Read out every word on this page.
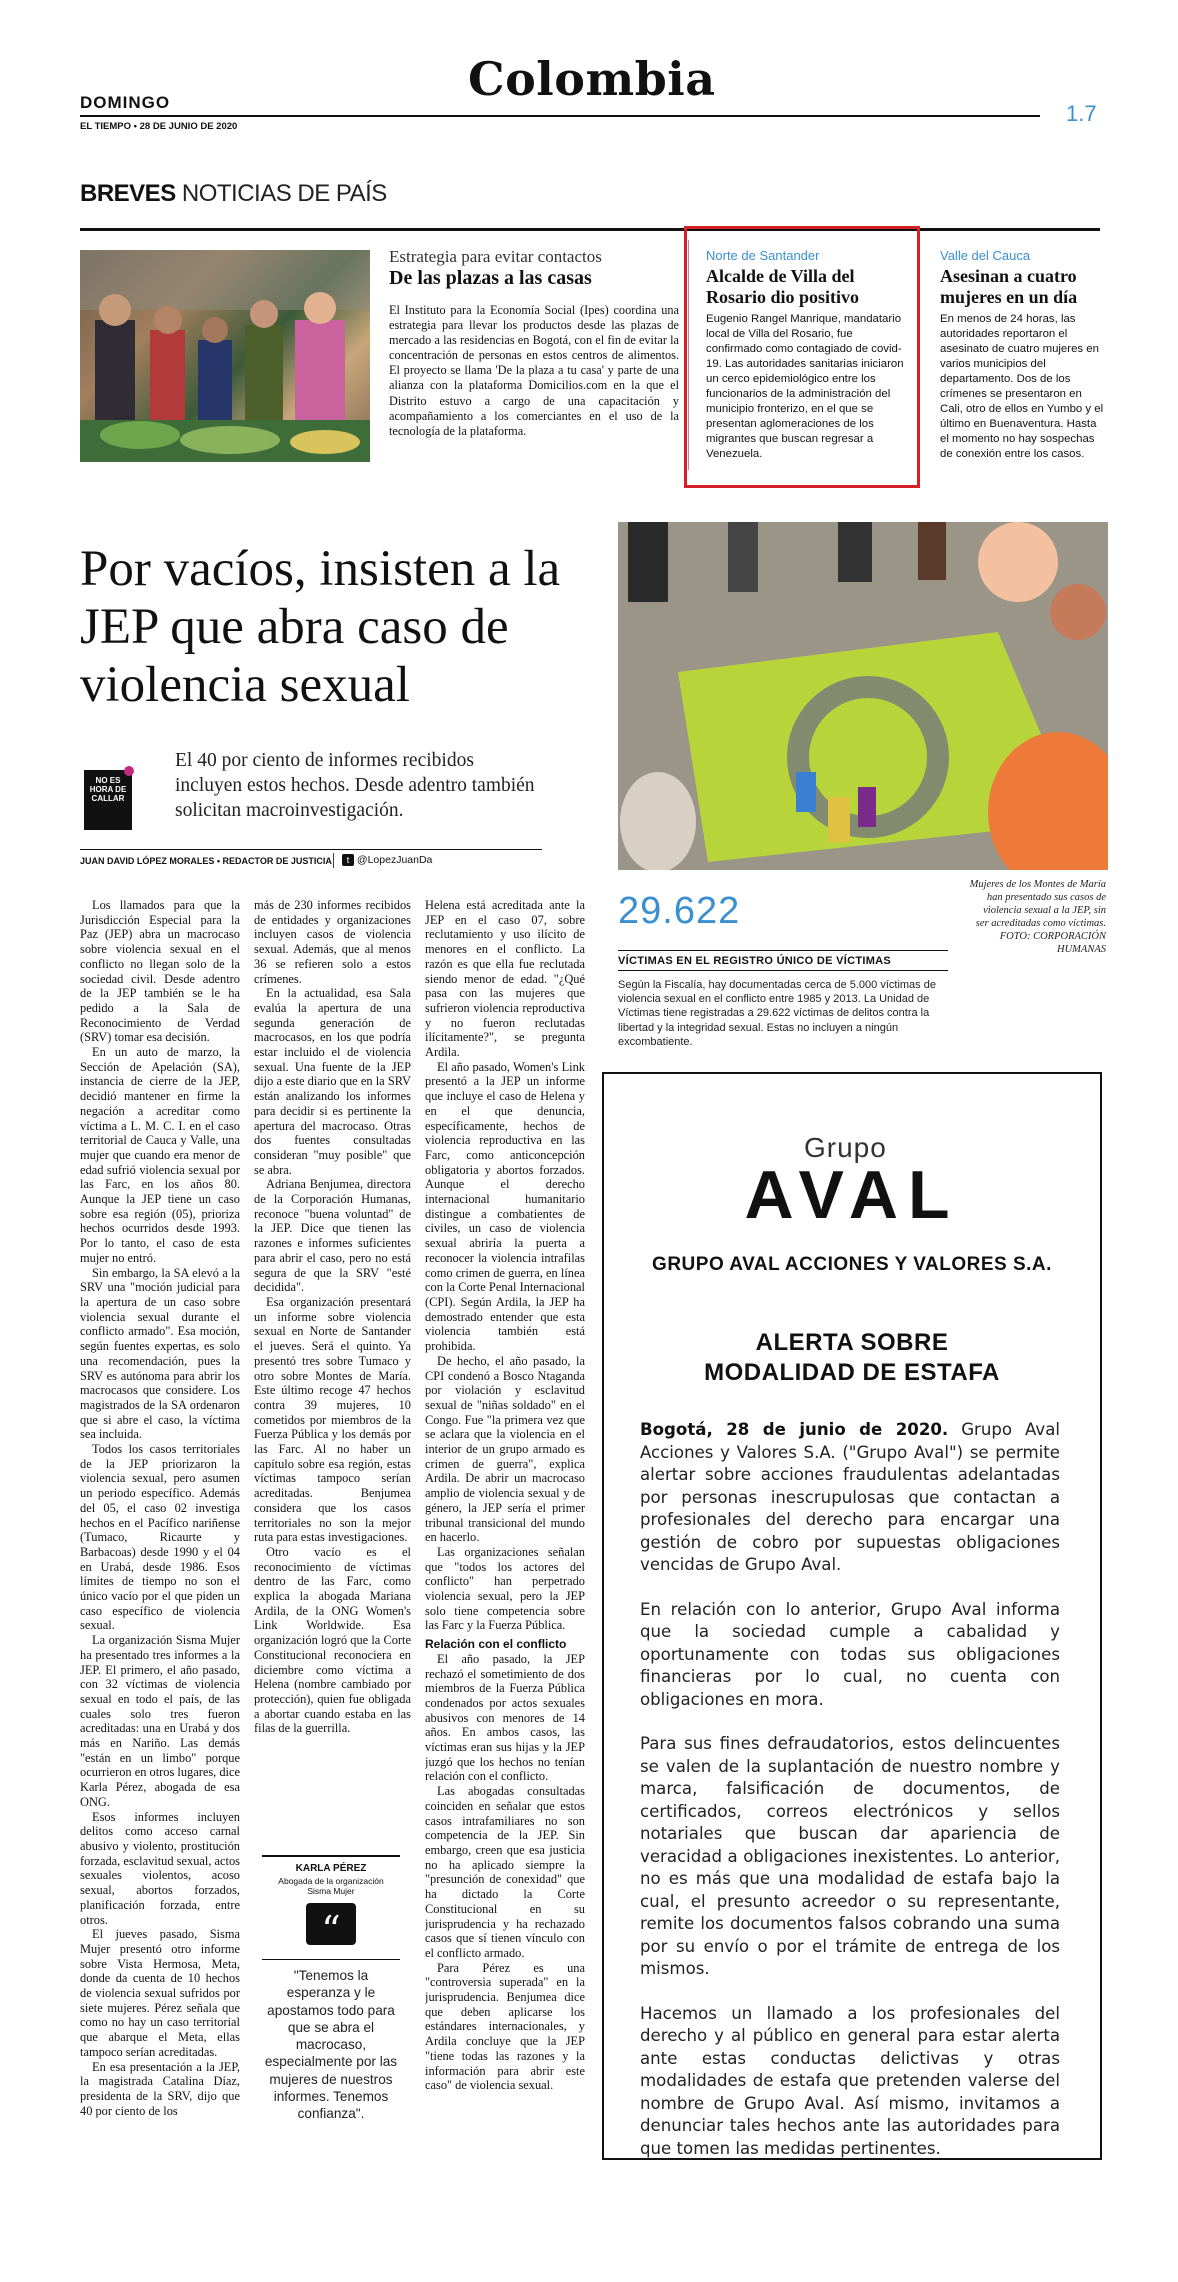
Colombia
DOMINGO
EL TIEMPO • 28 DE JUNIO DE 2020
1.7
BREVES NOTICIAS DE PAÍS
Estrategia para evitar contactos
De las plazas a las casas
El Instituto para la Economía Social (Ipes) coordina una estrategia para llevar los productos desde las plazas de mercado a las residencias en Bogotá, con el fin de evitar la concentración de personas en estos centros de alimentos. El proyecto se llama 'De la plaza a tu casa' y parte de una alianza con la plataforma Domicilios.com en la que el Distrito estuvo a cargo de una capacitación y acompañamiento a los comerciantes en el uso de la tecnología de la plataforma.
Norte de Santander
Alcalde de Villa del Rosario dio positivo
Eugenio Rangel Manrique, mandatario local de Villa del Rosario, fue confirmado como contagiado de covid-19. Las autoridades sanitarias iniciaron un cerco epidemiológico entre los funcionarios de la administración del municipio fronterizo, en el que se presentan aglomeraciones de los migrantes que buscan regresar a Venezuela.
Valle del Cauca
Asesinan a cuatro mujeres en un día
En menos de 24 horas, las autoridades reportaron el asesinato de cuatro mujeres en varios municipios del departamento. Dos de los crímenes se presentaron en Cali, otro de ellos en Yumbo y el último en Buenaventura. Hasta el momento no hay sospechas de conexión entre los casos.
Por vacíos, insisten a la JEP que abra caso de violencia sexual
NO ES HORA DE CALLAR
El 40 por ciento de informes recibidos incluyen estos hechos. Desde adentro también solicitan macroinvestigación.
JUAN DAVID LÓPEZ MORALES • REDACTOR DE JUSTICIA	t @LopezJuanDa

Los llamados para que la Jurisdicción Especial para la Paz (JEP) abra un macrocaso sobre violencia sexual en el conflicto no llegan solo de la sociedad civil. Desde adentro de la JEP también se le ha pedido a la Sala de Reconocimiento de Verdad (SRV) tomar esa decisión.

En un auto de marzo, la Sección de Apelación (SA), instancia de cierre de la JEP, decidió mantener en firme la negación a acreditar como víctima a L. M. C. I. en el caso territorial de Cauca y Valle, una mujer que cuando era menor de edad sufrió violencia sexual por las Farc, en los años 80. Aunque la JEP tiene un caso sobre esa región (05), prioriza hechos ocurridos desde 1993. Por lo tanto, el caso de esta mujer no entró.

Sin embargo, la SA elevó a la SRV una "moción judicial para la apertura de un caso sobre violencia sexual durante el conflicto armado". Esa moción, según fuentes expertas, es solo una recomendación, pues la SRV es autónoma para abrir los macrocasos que considere. Los magistrados de la SA ordenaron que si abre el caso, la víctima sea incluida.

Todos los casos territoriales de la JEP priorizaron la violencia sexual, pero asumen un periodo específico. Además del 05, el caso 02 investiga hechos en el Pacífico nariñense (Tumaco, Ricaurte y Barbacoas) desde 1990 y el 04 en Urabá, desde 1986. Esos límites de tiempo no son el único vacío por el que piden un caso específico de violencia sexual.

La organización Sisma Mujer ha presentado tres informes a la JEP. El primero, el año pasado, con 32 víctimas de violencia sexual en todo el país, de las cuales solo tres fueron acreditadas: una en Urabá y dos más en Nariño. Las demás "están en un limbo" porque ocurrieron en otros lugares, dice Karla Pérez, abogada de esa ONG.

Esos informes incluyen delitos como acceso carnal abusivo y violento, prostitución forzada, esclavitud sexual, actos sexuales violentos, acoso sexual, abortos forzados, planificación forzada, entre otros.

El jueves pasado, Sisma Mujer presentó otro informe sobre Vista Hermosa, Meta, donde da cuenta de 10 hechos de violencia sexual sufridos por siete mujeres. Pérez señala que como no hay un caso territorial que abarque el Meta, ellas tampoco serían acreditadas.

En esa presentación a la JEP, la magistrada Catalina Díaz, presidenta de la SRV, dijo que 40 por ciento de los

más de 230 informes recibidos de entidades y organizaciones incluyen casos de violencia sexual. Además, que al menos 36 se refieren solo a estos crímenes.

En la actualidad, esa Sala evalúa la apertura de una segunda generación de macrocasos, en los que podría estar incluido el de violencia sexual. Una fuente de la JEP dijo a este diario que en la SRV están analizando los informes para decidir si es pertinente la apertura del macrocaso. Otras dos fuentes consultadas consideran "muy posible" que se abra.

Adriana Benjumea, directora de la Corporación Humanas, reconoce "buena voluntad" de la JEP. Dice que tienen las razones e informes suficientes para abrir el caso, pero no está segura de que la SRV "esté decidida".

Esa organización presentará un informe sobre violencia sexual en Norte de Santander el jueves. Será el quinto. Ya presentó tres sobre Tumaco y otro sobre Montes de María. Este último recoge 47 hechos contra 39 mujeres, 10 cometidos por miembros de la Fuerza Pública y los demás por las Farc. Al no haber un capítulo sobre esa región, estas víctimas tampoco serían acreditadas. Benjumea considera que los casos territoriales no son la mejor ruta para estas investigaciones.

Otro vacío es el reconocimiento de víctimas dentro de las Farc, como explica la abogada Mariana Ardila, de la ONG Women's Link Worldwide. Esa organización logró que la Corte Constitucional reconociera en diciembre como víctima a Helena (nombre cambiado por protección), quien fue obligada a abortar cuando estaba en las filas de la guerrilla.

KARLA PÉREZ
Abogada de la organización Sisma Mujer
“
"Tenemos la esperanza y le apostamos todo para que se abra el macrocaso, especialmente por las mujeres de nuestros informes. Tenemos confianza".

Helena está acreditada ante la JEP en el caso 07, sobre reclutamiento y uso ilícito de menores en el conflicto. La razón es que ella fue reclutada siendo menor de edad. "¿Qué pasa con las mujeres que sufrieron violencia reproductiva y no fueron reclutadas ilícitamente?", se pregunta Ardila.

El año pasado, Women's Link presentó a la JEP un informe que incluye el caso de Helena y en el que denuncia, específicamente, hechos de violencia reproductiva en las Farc, como anticoncepción obligatoria y abortos forzados. Aunque el derecho internacional humanitario distingue a combatientes de civiles, un caso de violencia sexual abriría la puerta a reconocer la violencia intrafilas como crimen de guerra, en línea con la Corte Penal Internacional (CPI). Según Ardila, la JEP ha demostrado entender que esta violencia también está prohibida.

De hecho, el año pasado, la CPI condenó a Bosco Ntaganda por violación y esclavitud sexual de "niñas soldado" en el Congo. Fue "la primera vez que se aclara que la violencia en el interior de un grupo armado es crimen de guerra", explica Ardila. De abrir un macrocaso amplio de violencia sexual y de género, la JEP sería el primer tribunal transicional del mundo en hacerlo.

Las organizaciones señalan que "todos los actores del conflicto" han perpetrado violencia sexual, pero la JEP solo tiene competencia sobre las Farc y la Fuerza Pública.

Relación con el conflicto

El año pasado, la JEP rechazó el sometimiento de dos miembros de la Fuerza Pública condenados por actos sexuales abusivos con menores de 14 años. En ambos casos, las víctimas eran sus hijas y la JEP juzgó que los hechos no tenían relación con el conflicto.

Las abogadas consultadas coinciden en señalar que estos casos intrafamiliares no son competencia de la JEP. Sin embargo, creen que esa justicia no ha aplicado siempre la "presunción de conexidad" que ha dictado la Corte Constitucional en su jurisprudencia y ha rechazado casos que sí tienen vínculo con el conflicto armado.

Para Pérez es una "controversia superada" en la jurisprudencia. Benjumea dice que deben aplicarse los estándares internacionales, y Ardila concluye que la JEP "tiene todas las razones y la información para abrir este caso" de violencia sexual.

Mujeres de los Montes de María han presentado sus casos de violencia sexual a la JEP, sin ser acreditadas como víctimas. FOTO: CORPORACIÓN HUMANAS
29.622
VÍCTIMAS EN EL REGISTRO ÚNICO DE VÍCTIMAS
Según la Fiscalía, hay documentadas cerca de 5.000 víctimas de violencia sexual en el conflicto entre 1985 y 2013. La Unidad de Víctimas tiene registradas a 29.622 víctimas de delitos contra la libertad y la integridad sexual. Estas no incluyen a ningún excombatiente.
Grupo
AVAL
GRUPO AVAL ACCIONES Y VALORES S.A.
ALERTA SOBRE
MODALIDAD DE ESTAFA

Bogotá, 28 de junio de 2020. Grupo Aval Acciones y Valores S.A. ("Grupo Aval") se permite alertar sobre acciones fraudulentas adelantadas por personas inescrupulosas que contactan a profesionales del derecho para encargar una gestión de cobro por supuestas obligaciones vencidas de Grupo Aval.

En relación con lo anterior, Grupo Aval informa que la sociedad cumple a cabalidad y oportunamente con todas sus obligaciones financieras por lo cual, no cuenta con obligaciones en mora.

Para sus fines defraudatorios, estos delincuentes se valen de la suplantación de nuestro nombre y marca, falsificación de documentos, de certificados, correos electrónicos y sellos notariales que buscan dar apariencia de veracidad a obligaciones inexistentes. Lo anterior, no es más que una modalidad de estafa bajo la cual, el presunto acreedor o su representante, remite los documentos falsos cobrando una suma por su envío o por el trámite de entrega de los mismos.

Hacemos un llamado a los profesionales del derecho y al público en general para estar alerta ante estas conductas delictivas y otras modalidades de estafa que pretenden valerse del nombre de Grupo Aval. Así mismo, invitamos a denunciar tales hechos ante las autoridades para que tomen las medidas pertinentes.
